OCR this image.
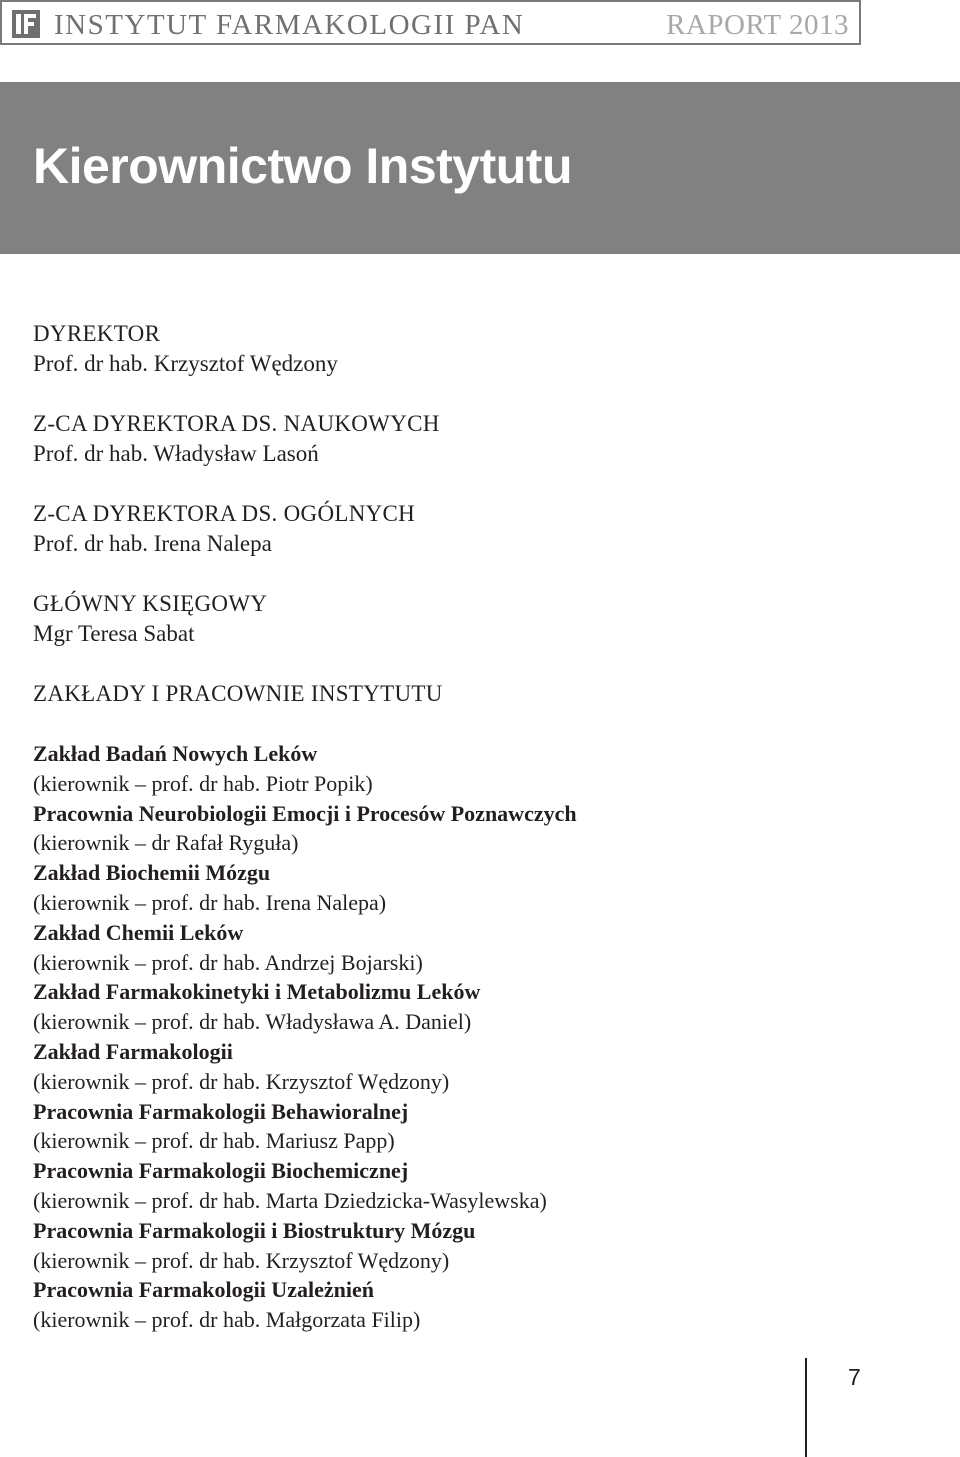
INSTYTUT FARMAKOLOGII PAN	RAPORT 2013
Kierownictwo Instytutu
DYREKTOR
Prof. dr hab. Krzysztof Wędzony
Z-CA DYREKTORA DS. NAUKOWYCH
Prof. dr hab. Władysław Lasoń
Z-CA DYREKTORA DS. OGÓLNYCH
Prof. dr hab. Irena Nalepa
GŁÓWNY KSIĘGOWY
Mgr Teresa Sabat
ZAKŁADY I PRACOWNIE INSTYTUTU
Zakład Badań Nowych Leków
(kierownik – prof. dr hab. Piotr Popik)
Pracownia Neurobiologii Emocji i Procesów Poznawczych
(kierownik – dr Rafał Ryguła)
Zakład Biochemii Mózgu
(kierownik – prof. dr hab. Irena Nalepa)
Zakład Chemii Leków
(kierownik – prof. dr hab. Andrzej Bojarski)
Zakład Farmakokinetyki i Metabolizmu Leków
(kierownik – prof. dr hab. Władysława A. Daniel)
Zakład Farmakologii
(kierownik – prof. dr hab. Krzysztof Wędzony)
Pracownia Farmakologii Behawioralnej
(kierownik – prof. dr hab. Mariusz Papp)
Pracownia Farmakologii Biochemicznej
(kierownik – prof. dr hab. Marta Dziedzicka-Wasylewska)
Pracownia Farmakologii i Biostruktury Mózgu
(kierownik – prof. dr hab. Krzysztof Wędzony)
Pracownia Farmakologii Uzależnień
(kierownik – prof. dr hab. Małgorzata Filip)
7
